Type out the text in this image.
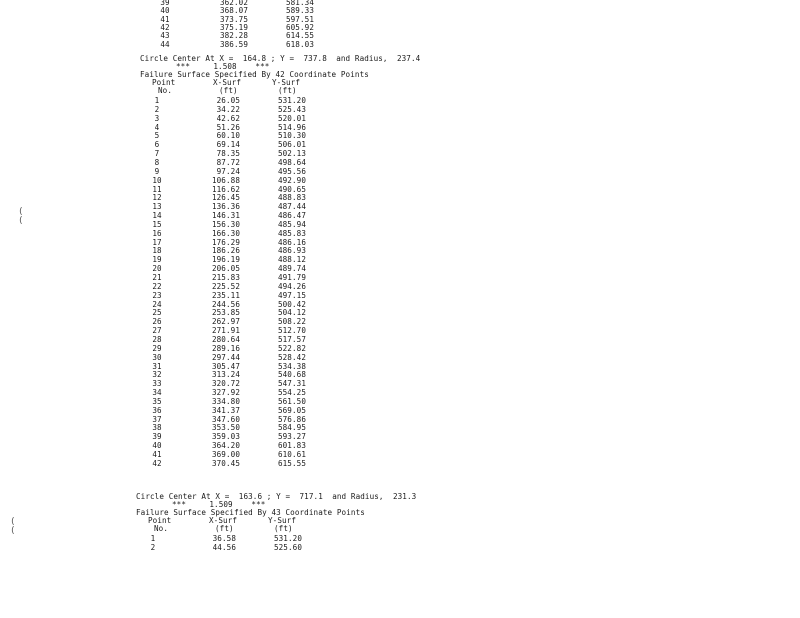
39	362.02	581.34
40	368.07	589.33
41	373.75	597.51
42	375.19	605.92
43	382.28	614.55
44	386.59	618.03
Circle Center At X =  164.8 ; Y =  737.8  and Radius,  237.4
***     1.508    ***
Failure Surface Specified By 42 Coordinate Points
Point	X-Surf	Y-Surf
No.	(ft)	(ft)
1	26.05	531.20
2	34.22	525.43
3	42.62	520.01
4	51.26	514.96
5	60.10	510.30
6	69.14	506.01
7	78.35	502.13
8	87.72	498.64
9	97.24	495.56
10	106.88	492.90
11	116.62	490.65
12	126.45	488.83
13	136.36	487.44
14	146.31	486.47
15	156.30	485.94
16	166.30	485.83
17	176.29	486.16
18	186.26	486.93
19	196.19	488.12
20	206.05	489.74
21	215.83	491.79
22	225.52	494.26
23	235.11	497.15
24	244.56	500.42
25	253.85	504.12
26	262.97	508.22
27	271.91	512.70
28	280.64	517.57
29	289.16	522.82
30	297.44	528.42
31	305.47	534.38
32	313.24	540.68
33	320.72	547.31
34	327.92	554.25
35	334.80	561.50
36	341.37	569.05
37	347.60	576.86
38	353.50	584.95
39	359.03	593.27
40	364.20	601.83
41	369.00	610.61
42	370.45	615.55
Circle Center At X =  163.6 ; Y =  717.1  and Radius,  231.3
***     1.509    ***
Failure Surface Specified By 43 Coordinate Points
Point	X-Surf	Y-Surf
No.	(ft)	(ft)
1	36.58	531.20
2	44.56	525.60
(
(
(
(
